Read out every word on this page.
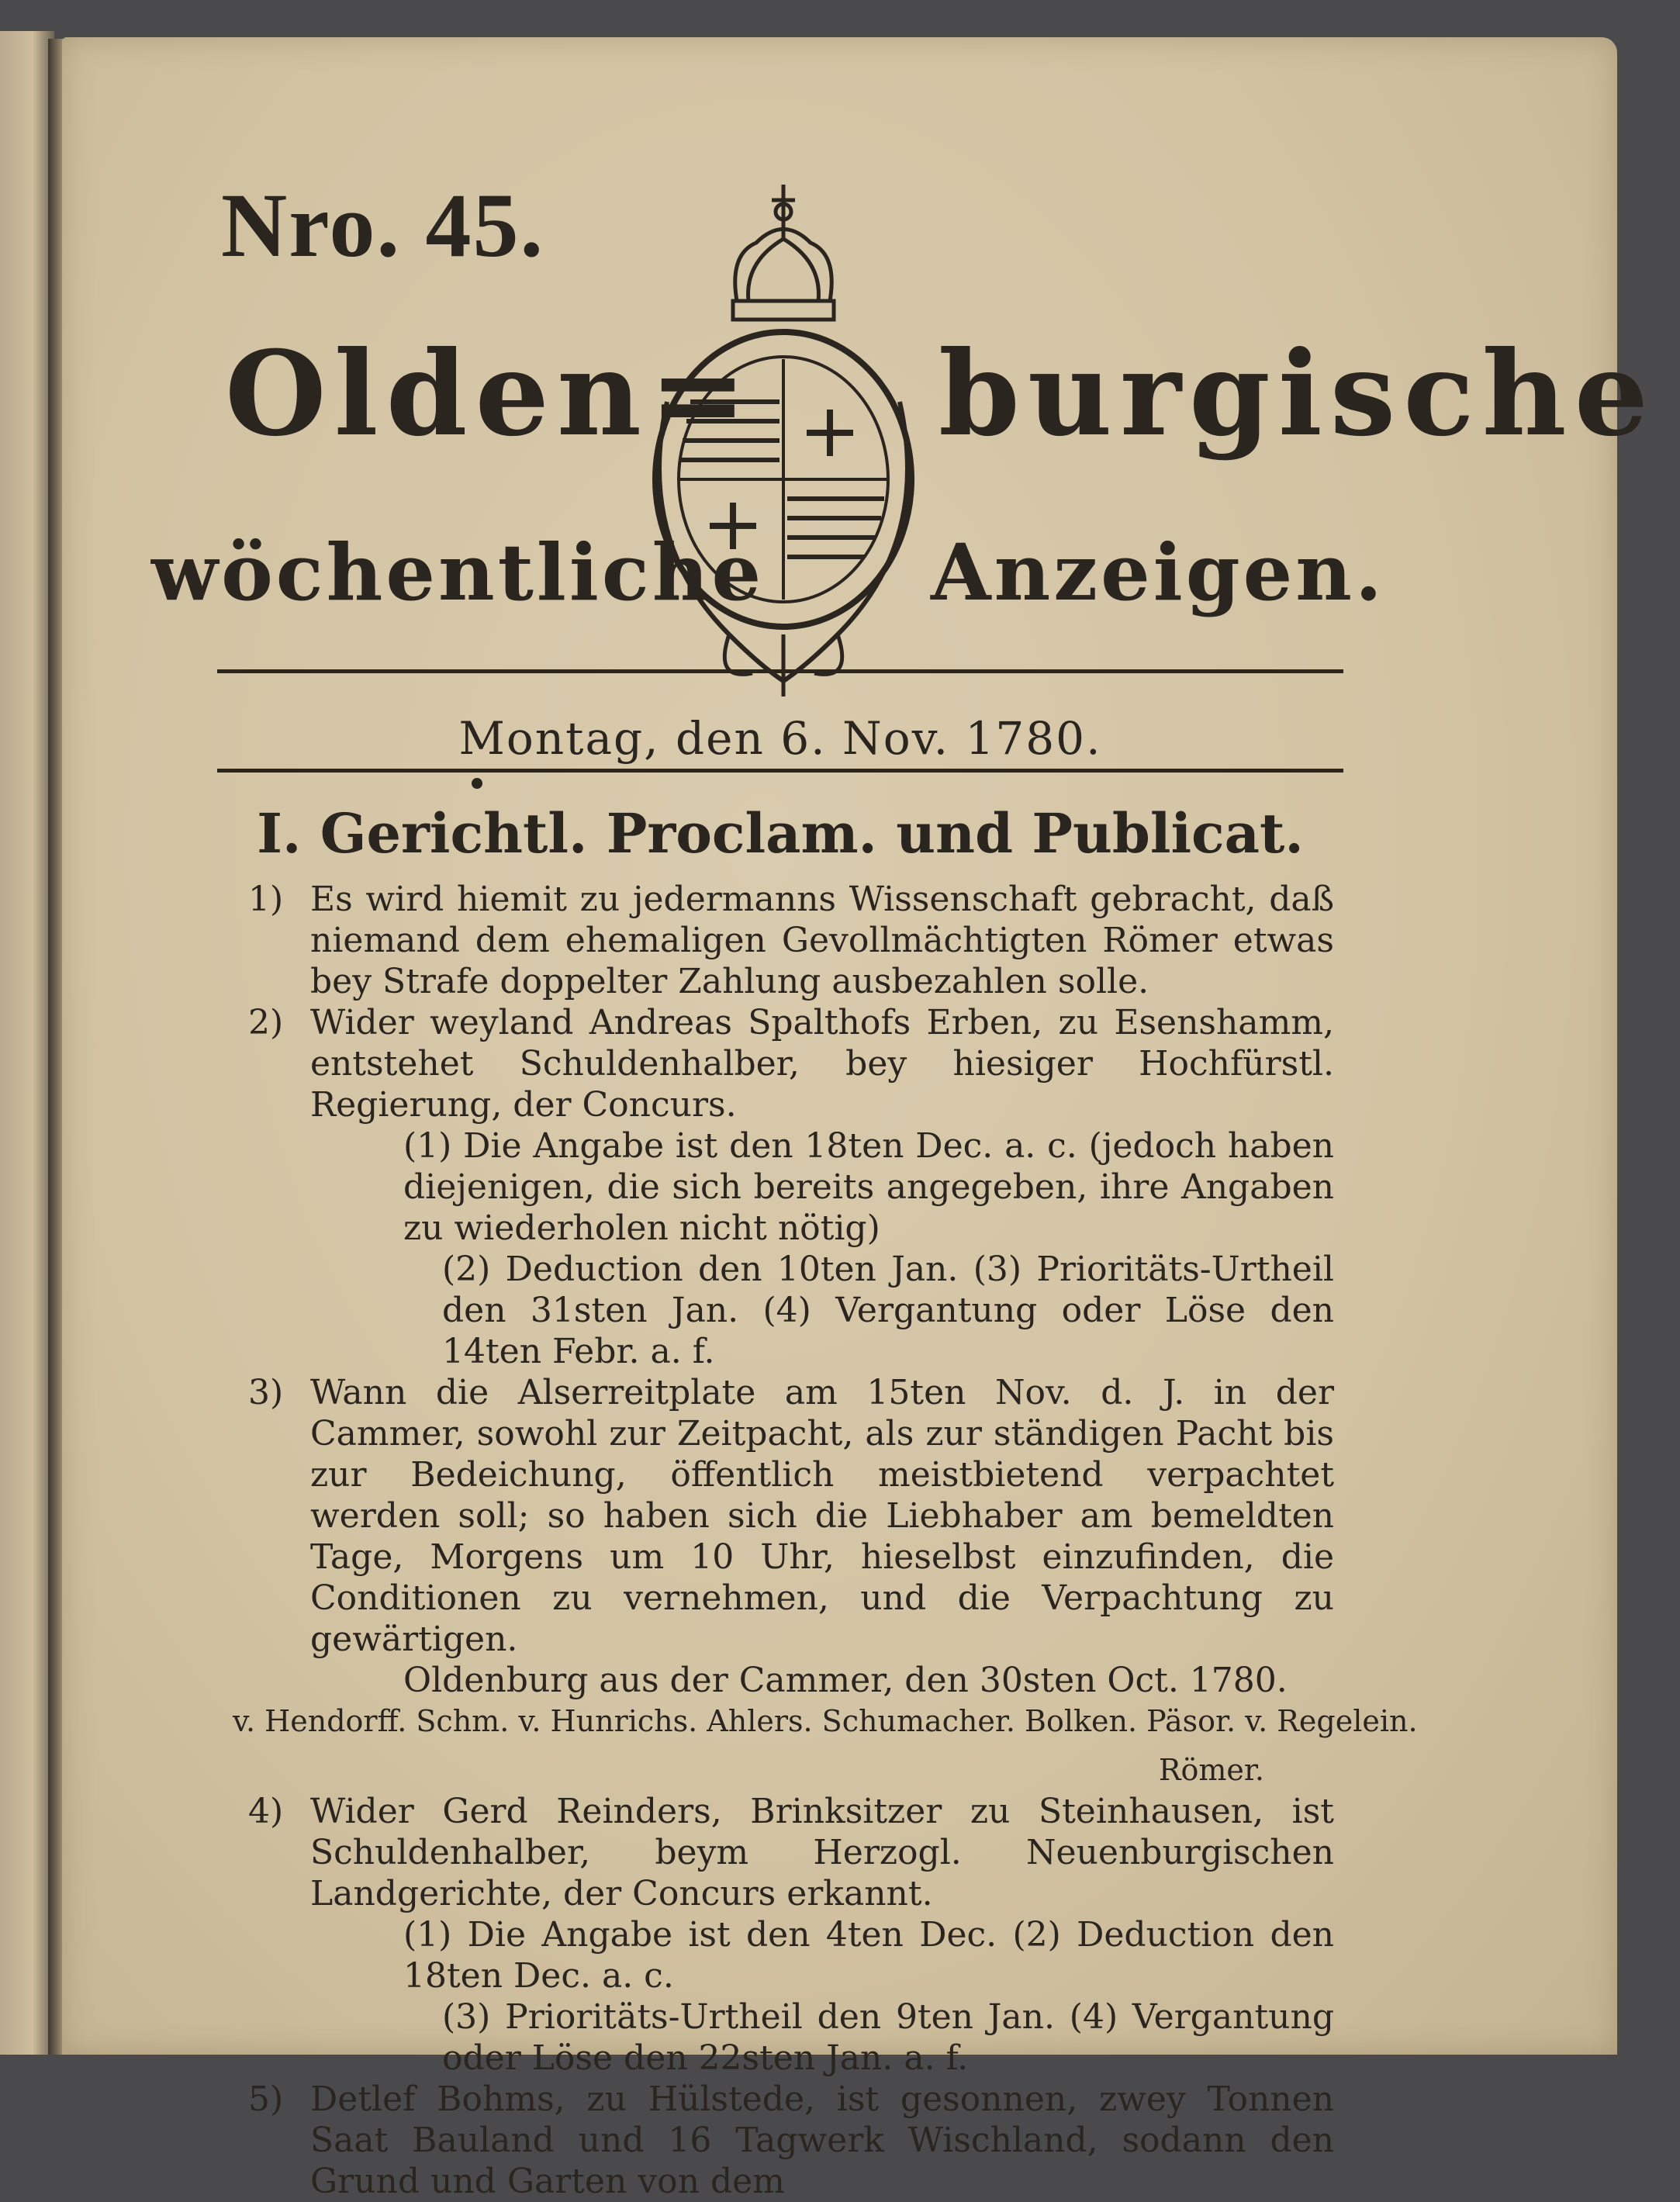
Nro. 45.
Olden= burgische
wöchentliche Anzeigen.
Montag, den 6. Nov. 1780.
I. Gerichtl. Proclam. und Publicat.
1) Es wird hiemit zu jedermanns Wissenschaft gebracht, daß niemand dem ehemaligen Gevollmächtigten Römer etwas bey Strafe doppelter Zahlung ausbezahlen solle.
2) Wider weyland Andreas Spalthofs Erben, zu Esenshamm, entstehet Schuldenhalber, bey hiesiger Hochfürstl. Regierung, der Concurs.
(1) Die Angabe ist den 18ten Dec. a. c. (jedoch haben diejenigen, die sich bereits angegeben, ihre Angaben zu wiederholen nicht nötig)
(2) Deduction den 10ten Jan. (3) Prioritäts-Urtheil den 31sten Jan. (4) Vergantung oder Löse den 14ten Febr. a. f.
3) Wann die Alserreitplate am 15ten Nov. d. J. in der Cammer, sowohl zur Zeitpacht, als zur ständigen Pacht bis zur Bedeichung, öffentlich meistbietend verpachtet werden soll; so haben sich die Liebhaber am bemeldten Tage, Morgens um 10 Uhr, hieselbst einzufinden, die Conditionen zu vernehmen, und die Verpachtung zu gewärtigen.
Oldenburg aus der Cammer, den 30sten Oct. 1780.
v. Hendorff. Schm. v. Hunrichs. Ahlers. Schumacher. Bolken. Päsor. v. Regelein.
Römer.
4) Wider Gerd Reinders, Brinksitzer zu Steinhausen, ist Schuldenhalber, beym Herzogl. Neuenburgischen Landgerichte, der Concurs erkannt.
(1) Die Angabe ist den 4ten Dec. (2) Deduction den 18ten Dec. a. c.
(3) Prioritäts-Urtheil den 9ten Jan. (4) Vergantung oder Löse den 22sten Jan. a. f.
5) Detlef Bohms, zu Hülstede, ist gesonnen, zwey Tonnen Saat Bauland und 16 Tagwerk Wischland, sodann den Grund und Garten von dem
